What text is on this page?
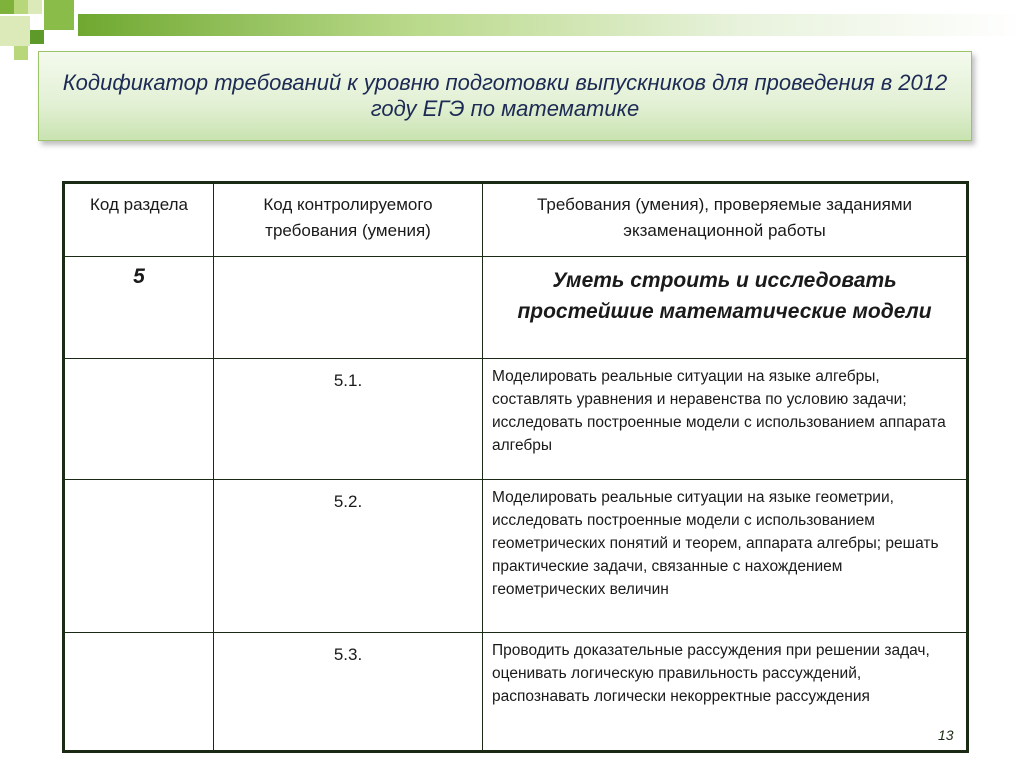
Кодификатор требований к уровню подготовки выпускников для проведения в 2012 году ЕГЭ по математике
Код раздела	Код контролируемого требования (умения)	Требования (умения), проверяемые заданиями экзаменационной работы
5		Уметь строить и исследовать простейшие математические модели
	5.1.	Моделировать реальные ситуации на языке алгебры, составлять уравнения и неравенства по условию задачи; исследовать построенные модели с использованием аппарата алгебры
	5.2.	Моделировать реальные ситуации на языке геометрии, исследовать построенные модели с использованием геометрических понятий и теорем, аппарата алгебры; решать практические задачи, связанные с нахождением геометрических величин
	5.3.	Проводить доказательные рассуждения при решении задач, оценивать логическую правильность рассуждений, распознавать логически некорректные рассуждения
13
